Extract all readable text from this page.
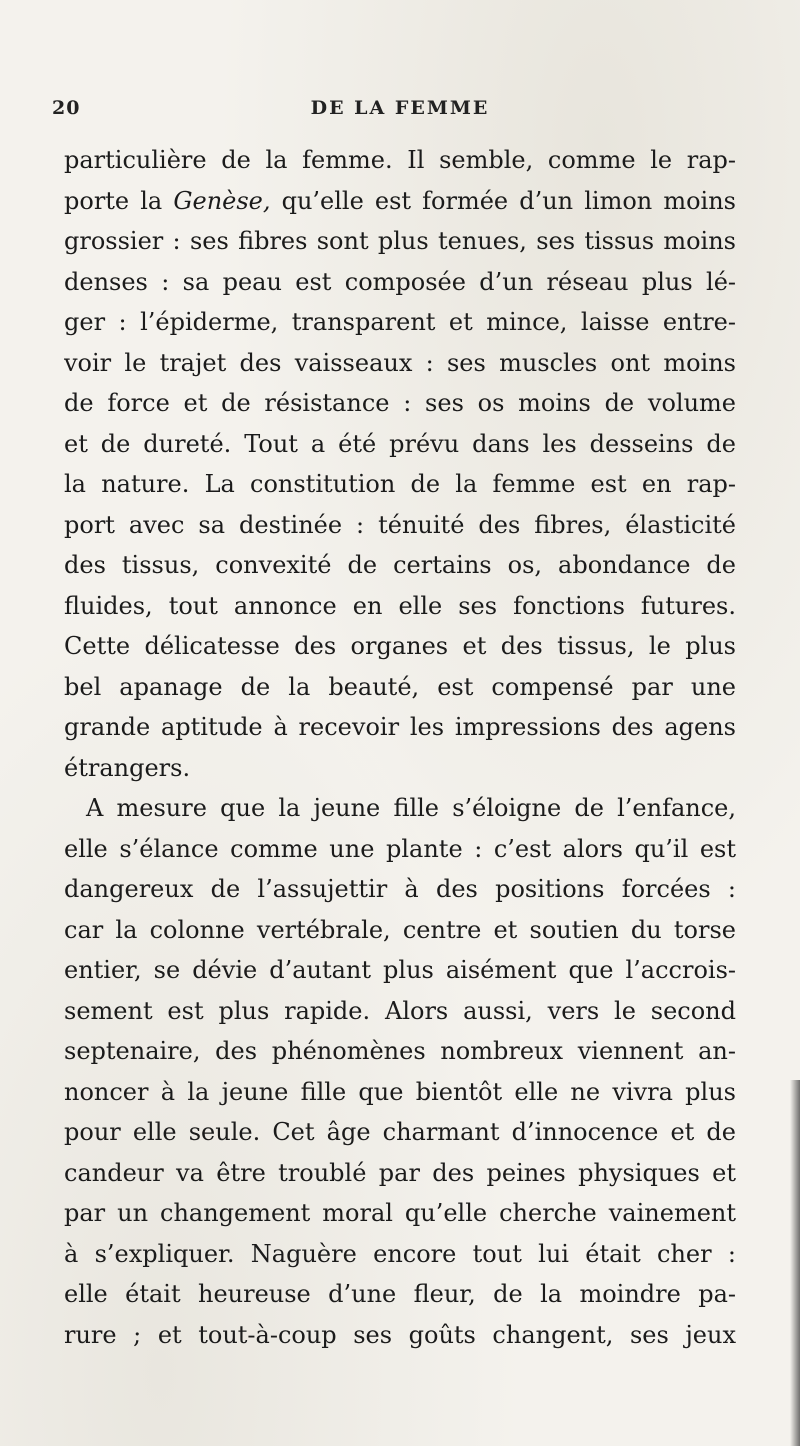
20	DE LA FEMME
particulière de la femme. Il semble, comme le rap-
porte la Genèse, qu’elle est formée d’un limon moins
grossier : ses fibres sont plus tenues, ses tissus moins
denses : sa peau est composée d’un réseau plus lé-
ger : l’épiderme, transparent et mince, laisse entre-
voir le trajet des vaisseaux : ses muscles ont moins
de force et de résistance : ses os moins de volume
et de dureté. Tout a été prévu dans les desseins de
la nature. La constitution de la femme est en rap-
port avec sa destinée : ténuité des fibres, élasticité
des tissus, convexité de certains os, abondance de
fluides, tout annonce en elle ses fonctions futures.
Cette délicatesse des organes et des tissus, le plus
bel apanage de la beauté, est compensé par une
grande aptitude à recevoir les impressions des agens
étrangers.
A mesure que la jeune fille s’éloigne de l’enfance,
elle s’élance comme une plante : c’est alors qu’il est
dangereux de l’assujettir à des positions forcées :
car la colonne vertébrale, centre et soutien du torse
entier, se dévie d’autant plus aisément que l’accrois-
sement est plus rapide. Alors aussi, vers le second
septenaire, des phénomènes nombreux viennent an-
noncer à la jeune fille que bientôt elle ne vivra plus
pour elle seule. Cet âge charmant d’innocence et de
candeur va être troublé par des peines physiques et
par un changement moral qu’elle cherche vainement
à s’expliquer. Naguère encore tout lui était cher :
elle était heureuse d’une fleur, de la moindre pa-
rure ; et tout-à-coup ses goûts changent, ses jeux
